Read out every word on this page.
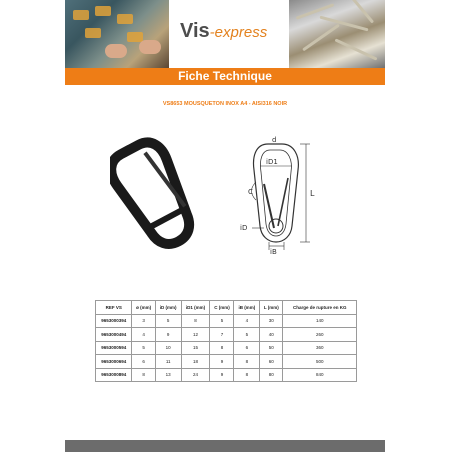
Vis-express
Fiche Technique
VS8653 MOUSQUETON INOX A4 - AISI316 NOIR
d
iD1
C	L
iD
iB
REF VS	ø (mm)	iD (mm)	iD1 (mm)	C (mm)	iB (mm)	L (mm)	Charge de rupture en KG
9653000394	3	5	8	5	4	30	140
9653000494	4	9	12	7	5	40	260
9653000594	5	10	15	8	6	50	360
9653000694	6	11	18	9	8	60	500
9653000894	8	13	24	9	8	80	840
